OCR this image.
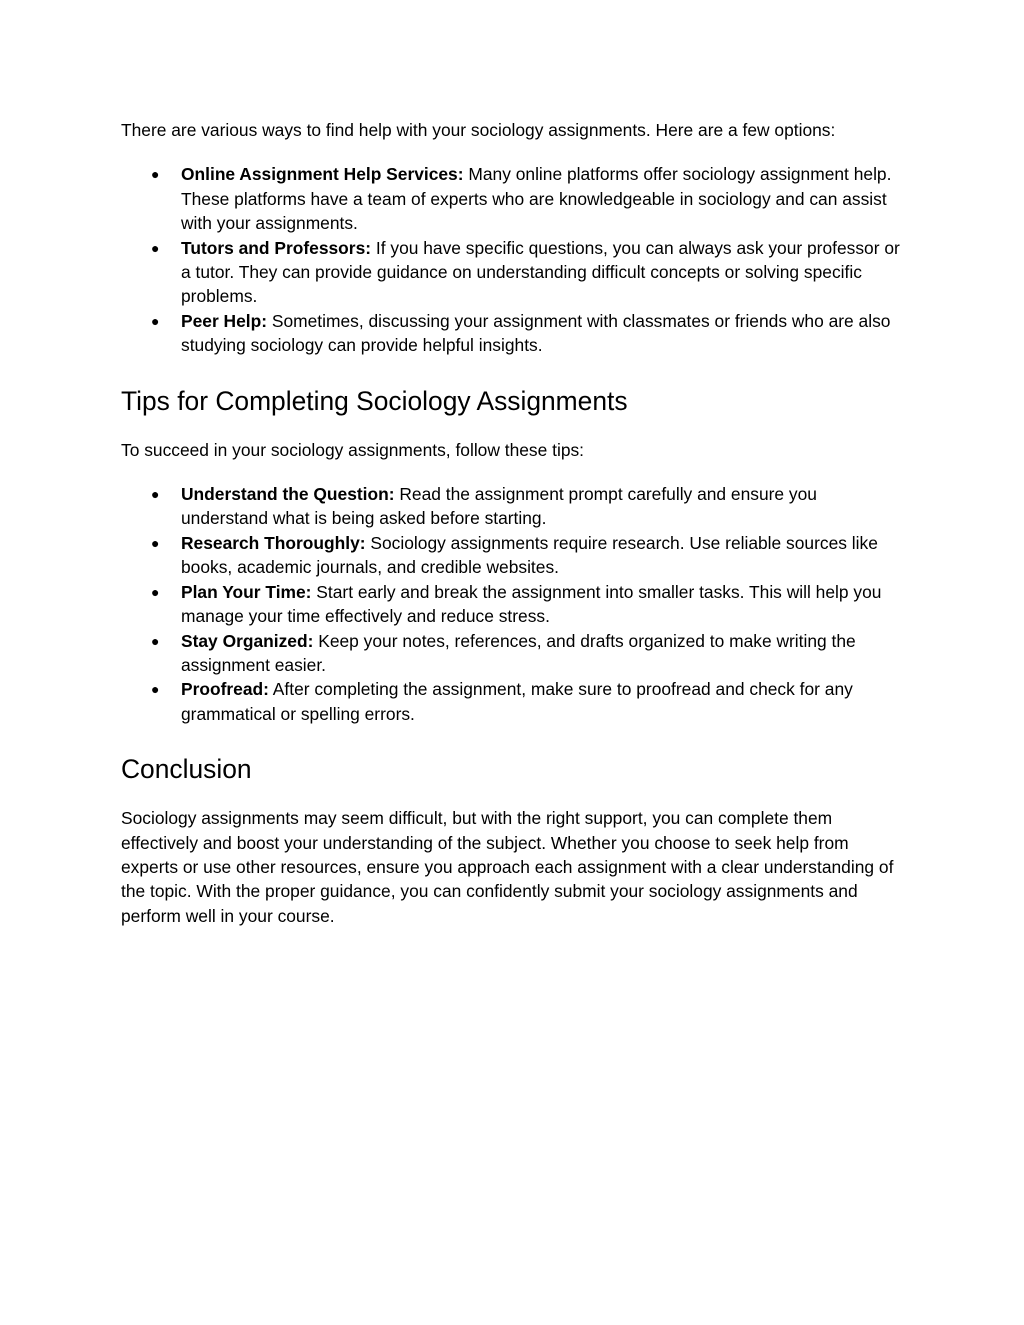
There are various ways to find help with your sociology assignments. Here are a few options:

● Online Assignment Help Services: Many online platforms offer sociology assignment help. These platforms have a team of experts who are knowledgeable in sociology and can assist with your assignments.
● Tutors and Professors: If you have specific questions, you can always ask your professor or a tutor. They can provide guidance on understanding difficult concepts or solving specific problems.
● Peer Help: Sometimes, discussing your assignment with classmates or friends who are also studying sociology can provide helpful insights.
Tips for Completing Sociology Assignments

To succeed in your sociology assignments, follow these tips:

● Understand the Question: Read the assignment prompt carefully and ensure you understand what is being asked before starting.
● Research Thoroughly: Sociology assignments require research. Use reliable sources like books, academic journals, and credible websites.
● Plan Your Time: Start early and break the assignment into smaller tasks. This will help you manage your time effectively and reduce stress.
● Stay Organized: Keep your notes, references, and drafts organized to make writing the assignment easier.
● Proofread: After completing the assignment, make sure to proofread and check for any grammatical or spelling errors.
Conclusion

Sociology assignments may seem difficult, but with the right support, you can complete them effectively and boost your understanding of the subject. Whether you choose to seek help from experts or use other resources, ensure you approach each assignment with a clear understanding of the topic. With the proper guidance, you can confidently submit your sociology assignments and perform well in your course.
